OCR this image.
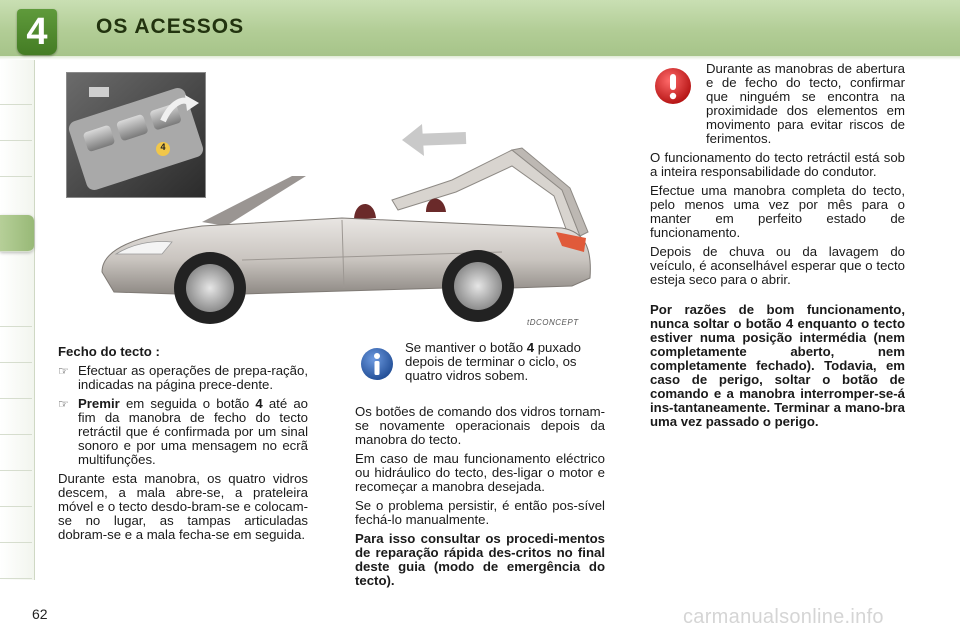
4	OS ACESSOS
4
tDCONCEPT

Fecho do tecto :

☞ Efectuar as operações de prepa-ração, indicadas na página prece-dente.
☞ Premir em seguida o botão 4 até ao fim da manobra de fecho do tecto retráctil que é confirmada por um sinal sonoro e por uma mensagem no ecrã multifunções.

Durante esta manobra, os quatro vidros descem, a mala abre-se, a prateleira móvel e o tecto desdo-bram-se e colocam-se no lugar, as tampas articuladas dobram-se e a mala fecha-se em seguida.

Se mantiver o botão 4 puxado depois de terminar o ciclo, os quatro vidros sobem.

Os botões de comando dos vidros tornam-se novamente operacionais depois da manobra do tecto.

Em caso de mau funcionamento eléctrico ou hidráulico do tecto, des-ligar o motor e recomeçar a manobra desejada.

Se o problema persistir, é então pos-sível fechá-lo manualmente.

Para isso consultar os procedi-mentos de reparação rápida des-critos no final deste guia (modo de emergência do tecto).

Durante as manobras de abertura e de fecho do tecto, confirmar que ninguém se encontra na proximidade dos elementos em movimento para evitar riscos de ferimentos.

O funcionamento do tecto retráctil está sob a inteira responsabilidade do condutor.

Efectue uma manobra completa do tecto, pelo menos uma vez por mês para o manter em perfeito estado de funcionamento.

Depois de chuva ou da lavagem do veículo, é aconselhável esperar que o tecto esteja seco para o abrir.

Por razões de bom funcionamento, nunca soltar o botão 4 enquanto o tecto estiver numa posição intermédia (nem completamente aberto, nem completamente fechado). Todavia, em caso de perigo, soltar o botão de comando e a manobra interromper-se-á ins-tantaneamente. Terminar a mano-bra uma vez passado o perigo.

62	carmanualsonline.info
